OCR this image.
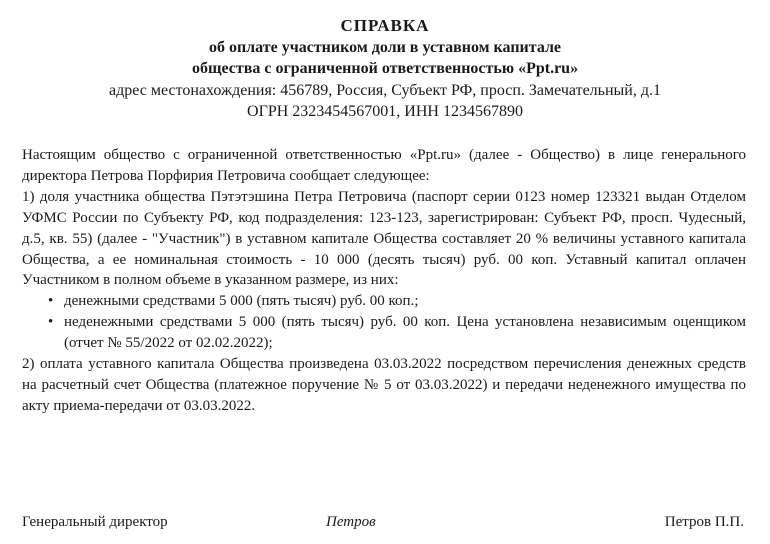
СПРАВКА
об оплате участником доли в уставном капитале
общества с ограниченной ответственностью «Ppt.ru»
адрес местонахождения: 456789, Россия, Субъект РФ, просп. Замечательный, д.1
ОГРН 2323454567001, ИНН 1234567890

Настоящим общество с ограниченной ответственностью «Ppt.ru» (далее - Общество) в лице генерального директора Петрова Порфирия Петровича сообщает следующее:

1) доля участника общества Пэтэтэшина Петра Петровича (паспорт серии 0123 номер 123321 выдан Отделом УФМС России по Субъекту РФ, код подразделения: 123-123, зарегистрирован: Субъект РФ, просп. Чудесный, д.5, кв. 55) (далее - "Участник") в уставном капитале Общества составляет 20 % величины уставного капитала Общества, а ее номинальная стоимость - 10 000 (десять тысяч) руб. 00 коп. Уставный капитал оплачен Участником в полном объеме в указанном размере, из них:

• денежными средствами 5 000 (пять тысяч) руб. 00 коп.;
• неденежными средствами 5 000 (пять тысяч) руб. 00 коп. Цена установлена независимым оценщиком (отчет № 55/2022 от 02.02.2022);

2) оплата уставного капитала Общества произведена 03.03.2022 посредством перечисления денежных средств на расчетный счет Общества (платежное поручение № 5 от 03.03.2022) и передачи неденежного имущества по акту приема-передачи от 03.03.2022.

Генеральный директор	Петров	Петров П.П.
